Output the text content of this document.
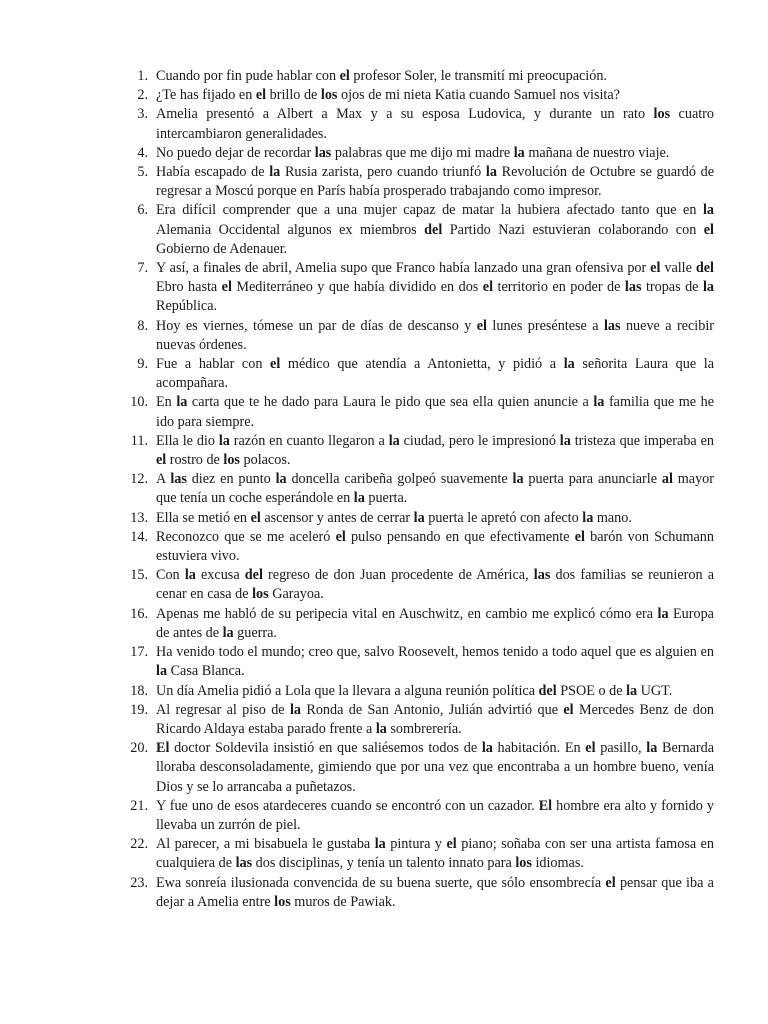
1. Cuando por fin pude hablar con el profesor Soler, le transmití mi preocupación.
2. ¿Te has fijado en el brillo de los ojos de mi nieta Katia cuando Samuel nos visita?
3. Amelia presentó a Albert a Max y a su esposa Ludovica, y durante un rato los cuatro intercambiaron generalidades.
4. No puedo dejar de recordar las palabras que me dijo mi madre la mañana de nuestro viaje.
5. Había escapado de la Rusia zarista, pero cuando triunfó la Revolución de Octubre se guardó de regresar a Moscú porque en París había prosperado trabajando como impresor.
6. Era difícil comprender que a una mujer capaz de matar la hubiera afectado tanto que en la Alemania Occidental algunos ex miembros del Partido Nazi estuvieran colaborando con el Gobierno de Adenauer.
7. Y así, a finales de abril, Amelia supo que Franco había lanzado una gran ofensiva por el valle del Ebro hasta el Mediterráneo y que había dividido en dos el territorio en poder de las tropas de la República.
8. Hoy es viernes, tómese un par de días de descanso y el lunes preséntese a las nueve a recibir nuevas órdenes.
9. Fue a hablar con el médico que atendía a Antonietta, y pidió a la señorita Laura que la acompañara.
10. En la carta que te he dado para Laura le pido que sea ella quien anuncie a la familia que me he ido para siempre.
11. Ella le dio la razón en cuanto llegaron a la ciudad, pero le impresionó la tristeza que imperaba en el rostro de los polacos.
12. A las diez en punto la doncella caribeña golpeó suavemente la puerta para anunciarle al mayor que tenía un coche esperándole en la puerta.
13. Ella se metió en el ascensor y antes de cerrar la puerta le apretó con afecto la mano.
14. Reconozco que se me aceleró el pulso pensando en que efectivamente el barón von Schumann estuviera vivo.
15. Con la excusa del regreso de don Juan procedente de América, las dos familias se reunieron a cenar en casa de los Garayoa.
16. Apenas me habló de su peripecia vital en Auschwitz, en cambio me explicó cómo era la Europa de antes de la guerra.
17. Ha venido todo el mundo; creo que, salvo Roosevelt, hemos tenido a todo aquel que es alguien en la Casa Blanca.
18. Un día Amelia pidió a Lola que la llevara a alguna reunión política del PSOE o de la UGT.
19. Al regresar al piso de la Ronda de San Antonio, Julián advirtió que el Mercedes Benz de don Ricardo Aldaya estaba parado frente a la sombrerería.
20. El doctor Soldevila insistió en que saliésemos todos de la habitación. En el pasillo, la Bernarda lloraba desconsoladamente, gimiendo que por una vez que encontraba a un hombre bueno, venía Dios y se lo arrancaba a puñetazos.
21. Y fue uno de esos atardeceres cuando se encontró con un cazador. El hombre era alto y fornido y llevaba un zurrón de piel.
22. Al parecer, a mi bisabuela le gustaba la pintura y el piano; soñaba con ser una artista famosa en cualquiera de las dos disciplinas, y tenía un talento innato para los idiomas.
23. Ewa sonreía ilusionada convencida de su buena suerte, que sólo ensombrecía el pensar que iba a dejar a Amelia entre los muros de Pawiak.
